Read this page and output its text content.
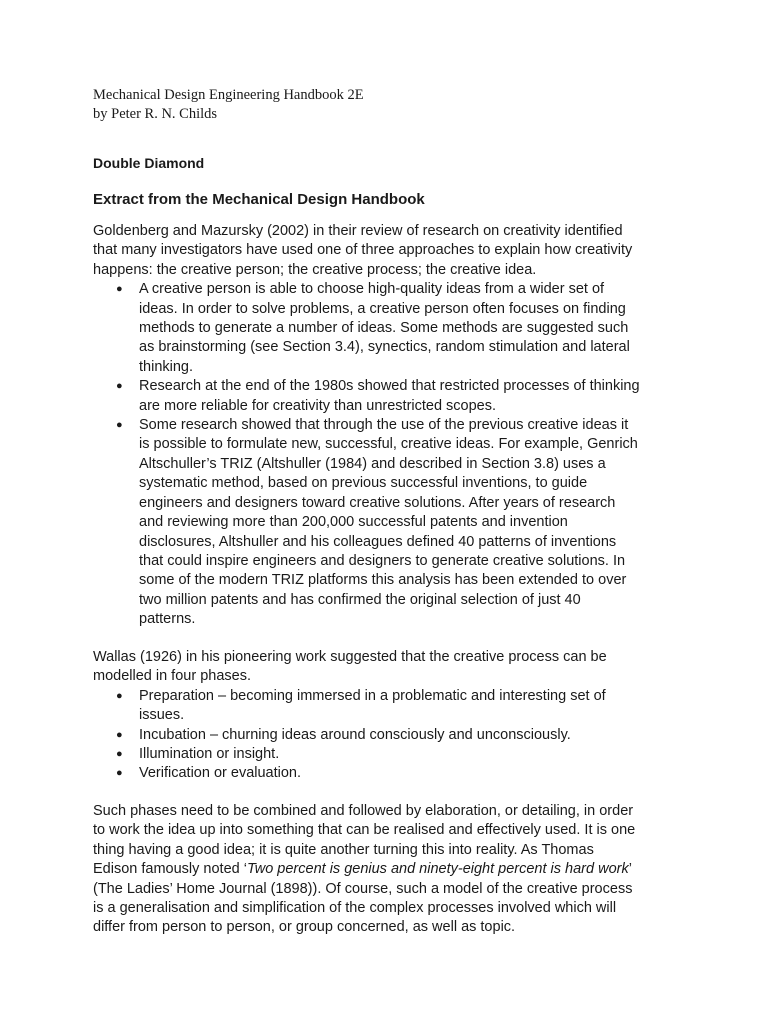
Mechanical Design Engineering Handbook 2E

by Peter R. N. Childs

Double Diamond
Extract from the Mechanical Design Handbook

Goldenberg and Mazursky (2002) in their review of research on creativity identified
that many investigators have used one of three approaches to explain how creativity
happens: the creative person; the creative process; the creative idea.

● A creative person is able to choose high-quality ideas from a wider set of
ideas. In order to solve problems, a creative person often focuses on finding
methods to generate a number of ideas. Some methods are suggested such
as brainstorming (see Section 3.4), synectics, random stimulation and lateral
thinking.
● Research at the end of the 1980s showed that restricted processes of thinking
are more reliable for creativity than unrestricted scopes.
● Some research showed that through the use of the previous creative ideas it
is possible to formulate new, successful, creative ideas. For example, Genrich
Altschuller’s TRIZ (Altshuller (1984) and described in Section 3.8) uses a
systematic method, based on previous successful inventions, to guide
engineers and designers toward creative solutions. After years of research
and reviewing more than 200,000 successful patents and invention
disclosures, Altshuller and his colleagues defined 40 patterns of inventions
that could inspire engineers and designers to generate creative solutions. In
some of the modern TRIZ platforms this analysis has been extended to over
two million patents and has confirmed the original selection of just 40
patterns.

Wallas (1926) in his pioneering work suggested that the creative process can be
modelled in four phases.

● Preparation – becoming immersed in a problematic and interesting set of
issues.
● Incubation – churning ideas around consciously and unconsciously.
● Illumination or insight.
● Verification or evaluation.

Such phases need to be combined and followed by elaboration, or detailing, in order
to work the idea up into something that can be realised and effectively used. It is one
thing having a good idea; it is quite another turning this into reality. As Thomas
Edison famously noted ‘Two percent is genius and ninety-eight percent is hard work’
(The Ladies’ Home Journal (1898)). Of course, such a model of the creative process
is a generalisation and simplification of the complex processes involved which will
differ from person to person, or group concerned, as well as topic.
